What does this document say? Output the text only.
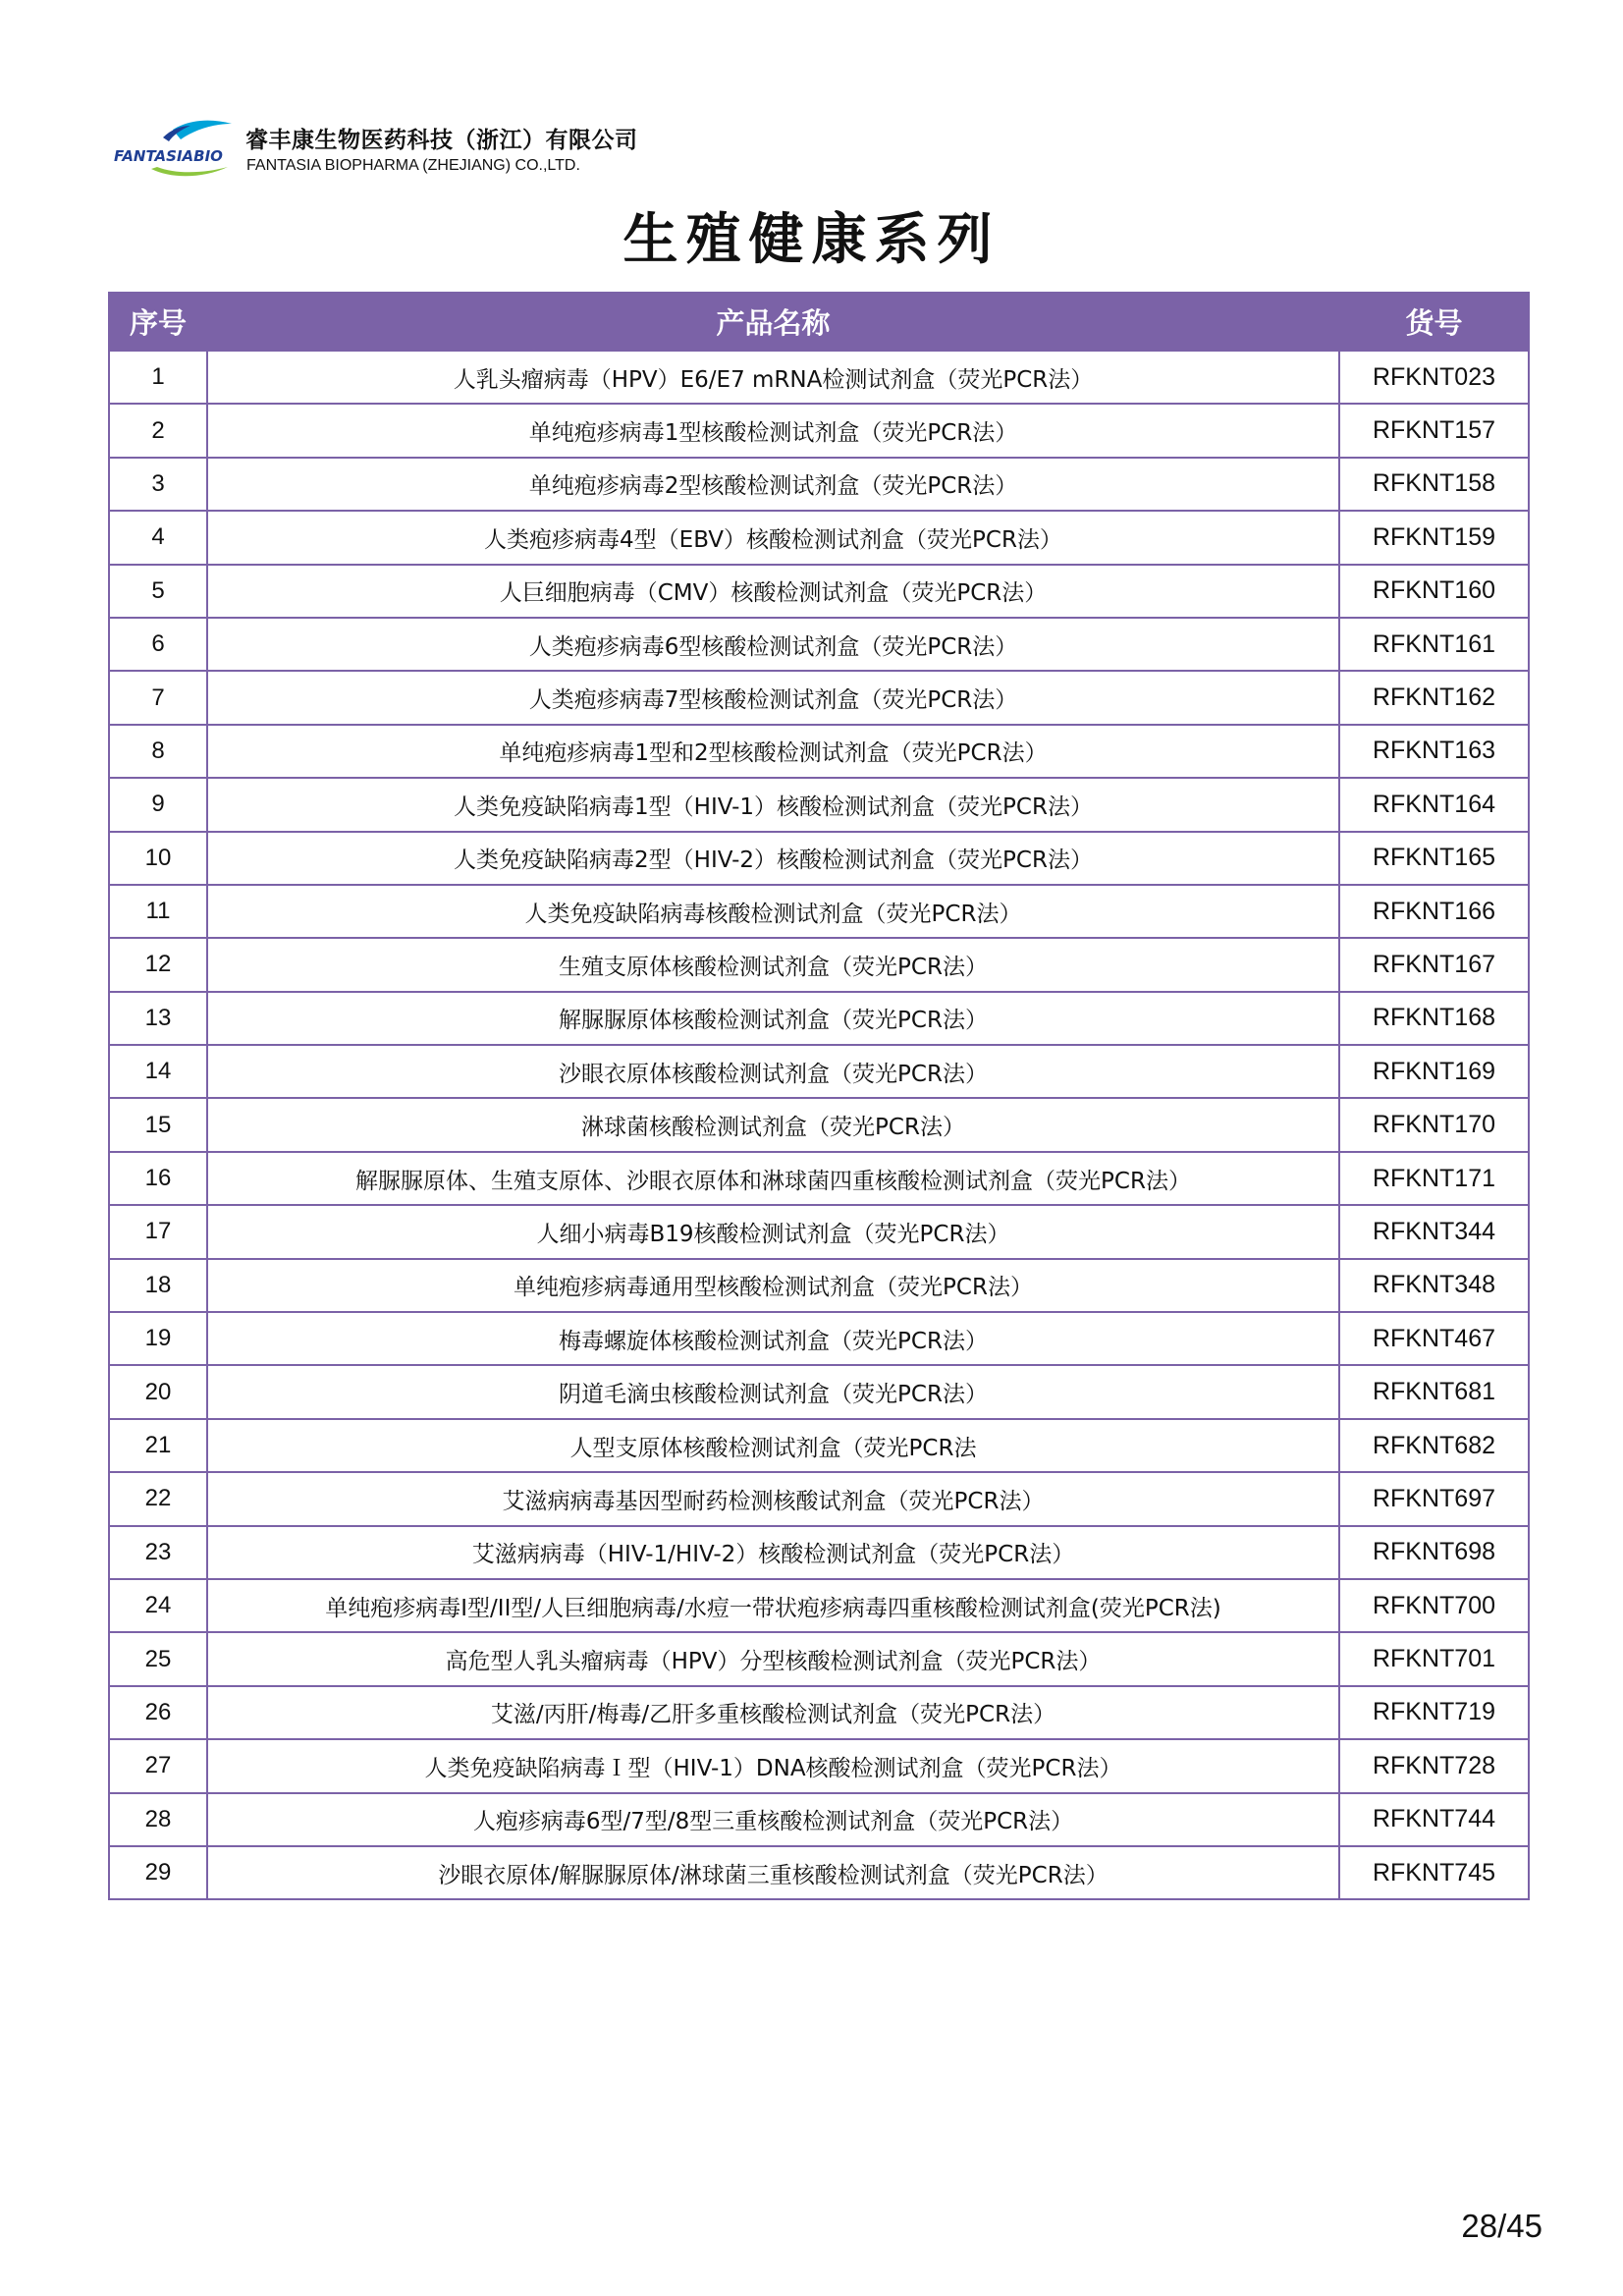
FANTASIABIO
睿丰康生物医药科技（浙江）有限公司
FANTASIA BIOPHARMA (ZHEJIANG) CO.,LTD.
生殖健康系列
序号	产品名称	货号
1	人乳头瘤病毒（HPV）E6/E7 mRNA检测试剂盒（荧光PCR法）	RFKNT023
2	单纯疱疹病毒1型核酸检测试剂盒（荧光PCR法）	RFKNT157
3	单纯疱疹病毒2型核酸检测试剂盒（荧光PCR法）	RFKNT158
4	人类疱疹病毒4型（EBV）核酸检测试剂盒（荧光PCR法）	RFKNT159
5	人巨细胞病毒（CMV）核酸检测试剂盒（荧光PCR法）	RFKNT160
6	人类疱疹病毒6型核酸检测试剂盒（荧光PCR法）	RFKNT161
7	人类疱疹病毒7型核酸检测试剂盒（荧光PCR法）	RFKNT162
8	单纯疱疹病毒1型和2型核酸检测试剂盒（荧光PCR法）	RFKNT163
9	人类免疫缺陷病毒1型（HIV-1）核酸检测试剂盒（荧光PCR法）	RFKNT164
10	人类免疫缺陷病毒2型（HIV-2）核酸检测试剂盒（荧光PCR法）	RFKNT165
11	人类免疫缺陷病毒核酸检测试剂盒（荧光PCR法）	RFKNT166
12	生殖支原体核酸检测试剂盒（荧光PCR法）	RFKNT167
13	解脲脲原体核酸检测试剂盒（荧光PCR法）	RFKNT168
14	沙眼衣原体核酸检测试剂盒（荧光PCR法）	RFKNT169
15	淋球菌核酸检测试剂盒（荧光PCR法）	RFKNT170
16	解脲脲原体、生殖支原体、沙眼衣原体和淋球菌四重核酸检测试剂盒（荧光PCR法）	RFKNT171
17	人细小病毒B19核酸检测试剂盒（荧光PCR法）	RFKNT344
18	单纯疱疹病毒通用型核酸检测试剂盒（荧光PCR法）	RFKNT348
19	梅毒螺旋体核酸检测试剂盒（荧光PCR法）	RFKNT467
20	阴道毛滴虫核酸检测试剂盒（荧光PCR法）	RFKNT681
21	人型支原体核酸检测试剂盒（荧光PCR法	RFKNT682
22	艾滋病病毒基因型耐药检测核酸试剂盒（荧光PCR法）	RFKNT697
23	艾滋病病毒（HIV-1/HIV-2）核酸检测试剂盒（荧光PCR法）	RFKNT698
24	单纯疱疹病毒I型/II型/人巨细胞病毒/水痘一带状疱疹病毒四重核酸检测试剂盒(荧光PCR法)	RFKNT700
25	高危型人乳头瘤病毒（HPV）分型核酸检测试剂盒（荧光PCR法）	RFKNT701
26	艾滋/丙肝/梅毒/乙肝多重核酸检测试剂盒（荧光PCR法）	RFKNT719
27	人类免疫缺陷病毒Ｉ型（HIV-1）DNA核酸检测试剂盒（荧光PCR法）	RFKNT728
28	人疱疹病毒6型/7型/8型三重核酸检测试剂盒（荧光PCR法）	RFKNT744
29	沙眼衣原体/解脲脲原体/淋球菌三重核酸检测试剂盒（荧光PCR法）	RFKNT745
28/45
